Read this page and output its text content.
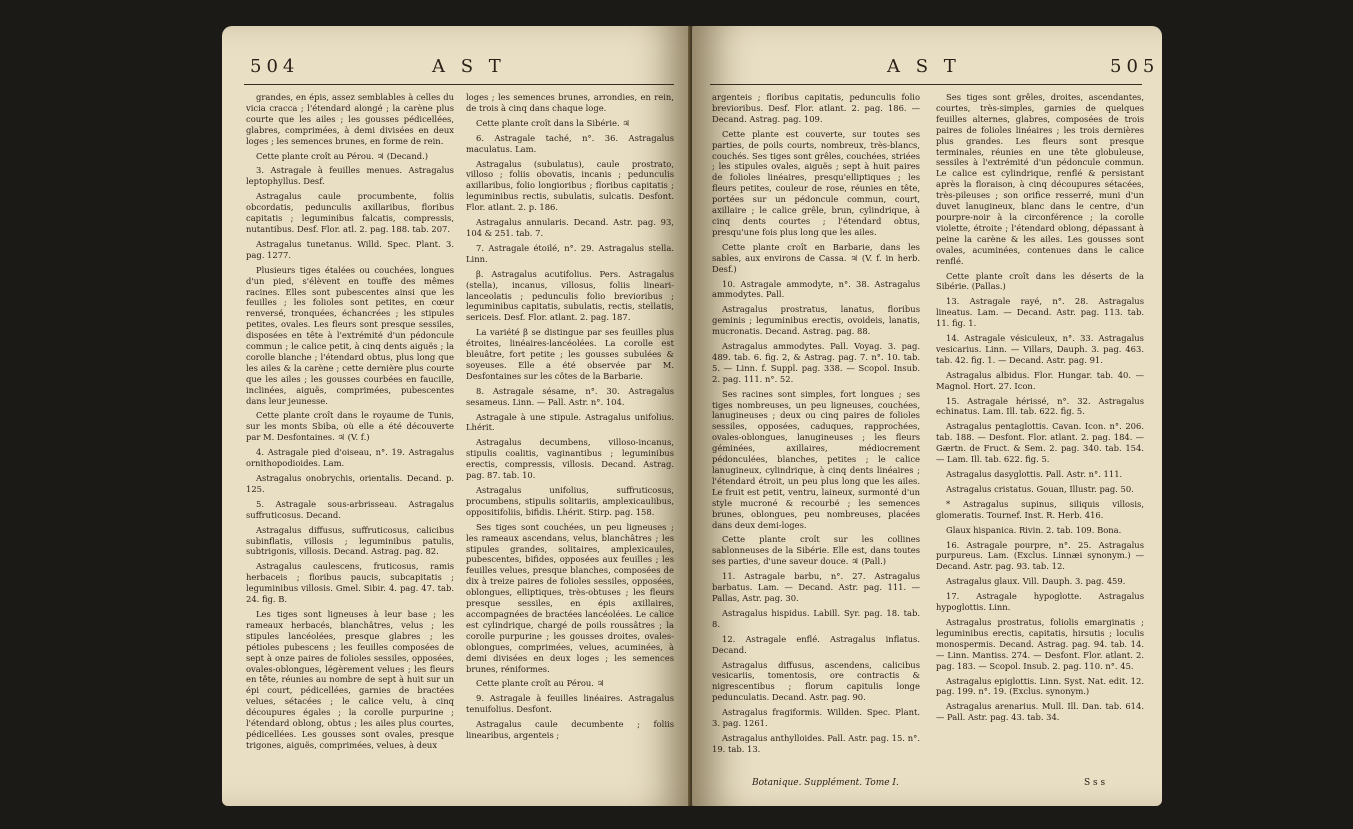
504	A S T

grandes, en épis, assez semblables à celles du vicia cracca ; l'étendard alongé ; la carène plus courte que les ailes ; les gousses pédicellées, glabres, comprimées, à demi divisées en deux loges ; les semences brunes, en forme de rein.

Cette plante croît au Pérou. ♃ (Decand.)

3. Astragale à feuilles menues. Astragalus leptophyllus. Desf.

Astragalus caule procumbente, foliis obcordatis, pedunculis axillaribus, floribus capitatis ; leguminibus falcatis, compressis, nutantibus. Desf. Flor. atl. 2. pag. 188. tab. 207.

Astragalus tunetanus. Willd. Spec. Plant. 3. pag. 1277.

Plusieurs tiges étalées ou couchées, longues d'un pied, s'élèvent en touffe des mêmes racines. Elles sont pubescentes ainsi que les feuilles ; les folioles sont petites, en cœur renversé, tronquées, échancrées ; les stipules petites, ovales. Les fleurs sont presque sessiles, disposées en tête à l'extrémité d'un pédoncule commun ; le calice petit, à cinq dents aiguës ; la corolle blanche ; l'étendard obtus, plus long que les ailes & la carène ; cette dernière plus courte que les ailes ; les gousses courbées en faucille, inclinées, aiguës, comprimées, pubescentes dans leur jeunesse.

Cette plante croît dans le royaume de Tunis, sur les monts Sbiba, où elle a été découverte par M. Desfontaines. ♃ (V. f.)

4. Astragale pied d'oiseau, n°. 19. Astragalus ornithopodioides. Lam.

Astragalus onobrychis, orientalis. Decand. p. 125.

5. Astragale sous-arbrisseau. Astragalus suffruticosus. Decand.

Astragalus diffusus, suffruticosus, calicibus subinflatis, villosis ; leguminibus patulis, subtrigonis, villosis. Decand. Astrag. pag. 82.

Astragalus caulescens, fruticosus, ramis herbaceis ; floribus paucis, subcapitatis ; leguminibus villosis. Gmel. Sibir. 4. pag. 47. tab. 24. fig. B.

Les tiges sont ligneuses à leur base ; les rameaux herbacés, blanchâtres, velus ; les stipules lancéolées, presque glabres ; les pétioles pubescens ; les feuilles composées de sept à onze paires de folioles sessiles, opposées, ovales-oblongues, légèrement velues ; les fleurs en tête, réunies au nombre de sept à huit sur un épi court, pédicellées, garnies de bractées velues, sétacées ; le calice velu, à cinq découpures égales ; la corolle purpurine ; l'étendard oblong, obtus ; les ailes plus courtes, pédicellées. Les gousses sont ovales, presque trigones, aiguës, comprimées, velues, à deux

loges ; les semences brunes, arrondies, en rein, de trois à cinq dans chaque loge.

Cette plante croît dans la Sibérie. ♃

6. Astragale taché, n°. 36. Astragalus maculatus. Lam.

Astragalus (subulatus), caule prostrato, villoso ; foliis obovatis, incanis ; pedunculis axillaribus, folio longioribus ; floribus capitatis ; leguminibus rectis, subulatis, sulcatis. Desfont. Flor. atlant. 2. p. 186.

Astragalus annularis. Decand. Astr. pag. 93, 104 & 251. tab. 7.

7. Astragale étoilé, n°. 29. Astragalus stella. Linn.

β. Astragalus acutifolius. Pers. Astragalus (stella), incanus, villosus, foliis lineari-lanceolatis ; pedunculis folio brevioribus ; leguminibus capitatis, subulatis, rectis, stellatis, sericeis. Desf. Flor. atlant. 2. pag. 187.

La variété β se distingue par ses feuilles plus étroites, linéaires-lancéolées. La corolle est bleuâtre, fort petite ; les gousses subulées & soyeuses. Elle a été observée par M. Desfontaines sur les côtes de la Barbarie.

8. Astragale sésame, n°. 30. Astragalus sesameus. Linn. — Pall. Astr. n°. 104.

Astragale à une stipule. Astragalus unifolius. Lhérit.

Astragalus decumbens, villoso-incanus, stipulis coalitis, vaginantibus ; leguminibus erectis, compressis, villosis. Decand. Astrag. pag. 87. tab. 10.

Astragalus unifolius, suffruticosus, procumbens, stipulis solitariis, amplexicaulibus, oppositifoliis, bifidis. Lhérit. Stirp. pag. 158.

Ses tiges sont couchées, un peu ligneuses ; les rameaux ascendans, velus, blanchâtres ; les stipules grandes, solitaires, amplexicaules, pubescentes, bifides, opposées aux feuilles ; les feuilles velues, presque blanches, composées de dix à treize paires de folioles sessiles, opposées, oblongues, elliptiques, très-obtuses ; les fleurs presque sessiles, en épis axillaires, accompagnées de bractées lancéolées. Le calice est cylindrique, chargé de poils roussâtres ; la corolle purpurine ; les gousses droites, ovales-oblongues, comprimées, velues, acuminées, à demi divisées en deux loges ; les semences brunes, réniformes.

Cette plante croît au Pérou. ♃

9. Astragale à feuilles linéaires. Astragalus tenuifolius. Desfont.

Astragalus caule decumbente ; foliis linearibus, argenteis ;

A S T	505

argenteis ; floribus capitatis, pedunculis folio brevioribus. Desf. Flor. atlant. 2. pag. 186. — Decand. Astrag. pag. 109.

Cette plante est couverte, sur toutes ses parties, de poils courts, nombreux, très-blancs, couchés. Ses tiges sont grêles, couchées, striées ; les stipules ovales, aiguës ; sept à huit paires de folioles linéaires, presqu'elliptiques ; les fleurs petites, couleur de rose, réunies en tête, portées sur un pédoncule commun, court, axillaire ; le calice grêle, brun, cylindrique, à cinq dents courtes ; l'étendard obtus, presqu'une fois plus long que les ailes.

Cette plante croît en Barbarie, dans les sables, aux environs de Cassa. ♃ (V. f. in herb. Desf.)

10. Astragale ammodyte, n°. 38. Astragalus ammodytes. Pall.

Astragalus prostratus, lanatus, floribus geminis ; leguminibus erectis, ovoideis, lanatis, mucronatis. Decand. Astrag. pag. 88.

Astragalus ammodytes. Pall. Voyag. 3. pag. 489. tab. 6. fig. 2, & Astrag. pag. 7. n°. 10. tab. 5. — Linn. f. Suppl. pag. 338. — Scopol. Insub. 2. pag. 111. n°. 52.

Ses racines sont simples, fort longues ; ses tiges nombreuses, un peu ligneuses, couchées, lanugineuses ; deux ou cinq paires de folioles sessiles, opposées, caduques, rapprochées, ovales-oblongues, lanugineuses ; les fleurs géminées, axillaires, médiocrement pédonculées, blanches, petites ; le calice lanugineux, cylindrique, à cinq dents linéaires ; l'étendard étroit, un peu plus long que les ailes. Le fruit est petit, ventru, laineux, surmonté d'un style mucroné & recourbé ; les semences brunes, oblongues, peu nombreuses, placées dans deux demi-loges.

Cette plante croît sur les collines sablonneuses de la Sibérie. Elle est, dans toutes ses parties, d'une saveur douce. ♃ (Pall.)

11. Astragale barbu, n°. 27. Astragalus barbatus. Lam. — Decand. Astr. pag. 111. — Pallas, Astr. pag. 30.

Astragalus hispidus. Labill. Syr. pag. 18. tab. 8.

12. Astragale enflé. Astragalus inflatus. Decand.

Astragalus diffusus, ascendens, calicibus vesicariis, tomentosis, ore contractis & nigrescentibus ; florum capitulis longe pedunculatis. Decand. Astr. pag. 90.

Astragalus fragiformis. Willden. Spec. Plant. 3. pag. 1261.

Astragalus anthylloides. Pall. Astr. pag. 15. n°. 19. tab. 13.

Ses tiges sont grêles, droites, ascendantes, courtes, très-simples, garnies de quelques feuilles alternes, glabres, composées de trois paires de folioles linéaires ; les trois dernières plus grandes. Les fleurs sont presque terminales, réunies en une tête globuleuse, sessiles à l'extrémité d'un pédoncule commun. Le calice est cylindrique, renflé & persistant après la floraison, à cinq découpures sétacées, très-pileuses ; son orifice resserré, muni d'un duvet lanugineux, blanc dans le centre, d'un pourpre-noir à la circonférence ; la corolle violette, étroite ; l'étendard oblong, dépassant à peine la carène & les ailes. Les gousses sont ovales, acuminées, contenues dans le calice renflé.

Cette plante croît dans les déserts de la Sibérie. (Pallas.)

13. Astragale rayé, n°. 28. Astragalus lineatus. Lam. — Decand. Astr. pag. 113. tab. 11. fig. 1.

14. Astragale vésiculeux, n°. 33. Astragalus vesicarius. Linn. — Villars, Dauph. 3. pag. 463. tab. 42. fig. 1. — Decand. Astr. pag. 91.

Astragalus albidus. Flor. Hungar. tab. 40. — Magnol. Hort. 27. Icon.

15. Astragale hérissé, n°. 32. Astragalus echinatus. Lam. Ill. tab. 622. fig. 5.

Astragalus pentaglottis. Cavan. Icon. n°. 206. tab. 188. — Desfont. Flor. atlant. 2. pag. 184. — Gærtn. de Fruct. & Sem. 2. pag. 340. tab. 154. — Lam. Ill. tab. 622. fig. 5.

Astragalus dasyglottis. Pall. Astr. n°. 111.

Astragalus cristatus. Gouan, Illustr. pag. 50.

* Astragalus supinus, siliquis villosis, glomeratis. Tournef. Inst. R. Herb. 416.

Glaux hispanica. Rivin. 2. tab. 109. Bona.

16. Astragale pourpre, n°. 25. Astragalus purpureus. Lam. (Exclus. Linnæi synonym.) — Decand. Astr. pag. 93. tab. 12.

Astragalus glaux. Vill. Dauph. 3. pag. 459.

17. Astragale hypoglotte. Astragalus hypoglottis. Linn.

Astragalus prostratus, foliolis emarginatis ; leguminibus erectis, capitatis, hirsutis ; loculis monospermis. Decand. Astrag. pag. 94. tab. 14. — Linn. Mantiss. 274. — Desfont. Flor. atlant. 2. pag. 183. — Scopol. Insub. 2. pag. 110. n°. 45.

Astragalus epiglottis. Linn. Syst. Nat. edit. 12. pag. 199. n°. 19. (Exclus. synonym.)

Astragalus arenarius. Mull. Ill. Dan. tab. 614. — Pall. Astr. pag. 43. tab. 34.

Botanique. Supplément. Tome I.	S s s
